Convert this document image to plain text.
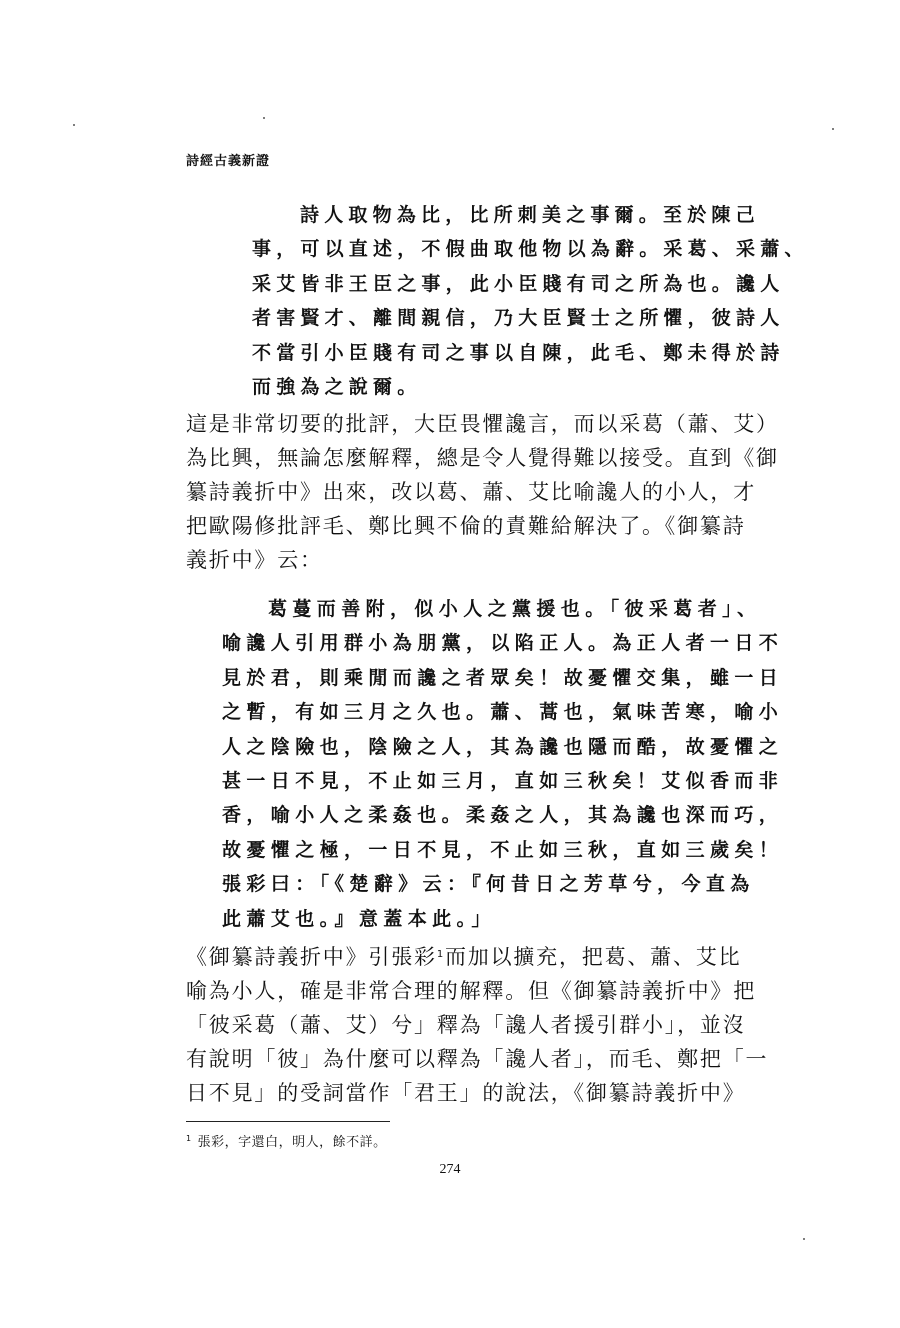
詩經古義新證
詩人取物為比，比所刺美之事爾。至於陳己
事，可以直述，不假曲取他物以為辭。采葛、采蕭、
采艾皆非王臣之事，此小臣賤有司之所為也。讒人
者害賢才、離間親信，乃大臣賢士之所懼，彼詩人
不當引小臣賤有司之事以自陳，此毛、鄭未得於詩
而強為之說爾。
這是非常切要的批評，大臣畏懼讒言，而以采葛（蕭、艾）
為比興，無論怎麼解釋，總是令人覺得難以接受。直到《御
纂詩義折中》出來，改以葛、蕭、艾比喻讒人的小人，才
把歐陽修批評毛、鄭比興不倫的責難給解決了。《御纂詩
義折中》云：
葛蔓而善附，似小人之黨援也。「彼采葛者」、
喻讒人引用群小為朋黨，以陷正人。為正人者一日不
見於君，則乘閒而讒之者眾矣！故憂懼交集，雖一日
之暫，有如三月之久也。蕭、蒿也，氣味苦寒，喻小
人之陰險也，陰險之人，其為讒也隱而酷，故憂懼之
甚一日不見，不止如三月，直如三秋矣！艾似香而非
香，喻小人之柔姦也。柔姦之人，其為讒也深而巧，
故憂懼之極，一日不見，不止如三秋，直如三歲矣！
張彩曰：「《楚辭》云：『何昔日之芳草兮，今直為
此蕭艾也。』意蓋本此。」
《御纂詩義折中》引張彩$^1$而加以擴充，把葛、蕭、艾比
喻為小人，確是非常合理的解釋。但《御纂詩義折中》把
「彼采葛（蕭、艾）兮」釋為「讒人者援引群小」，並沒
有說明「彼」為什麼可以釋為「讒人者」，而毛、鄭把「一
日不見」的受詞當作「君王」的說法，《御纂詩義折中》
$^1$ 張彩，字還白，明人，餘不詳。
274
